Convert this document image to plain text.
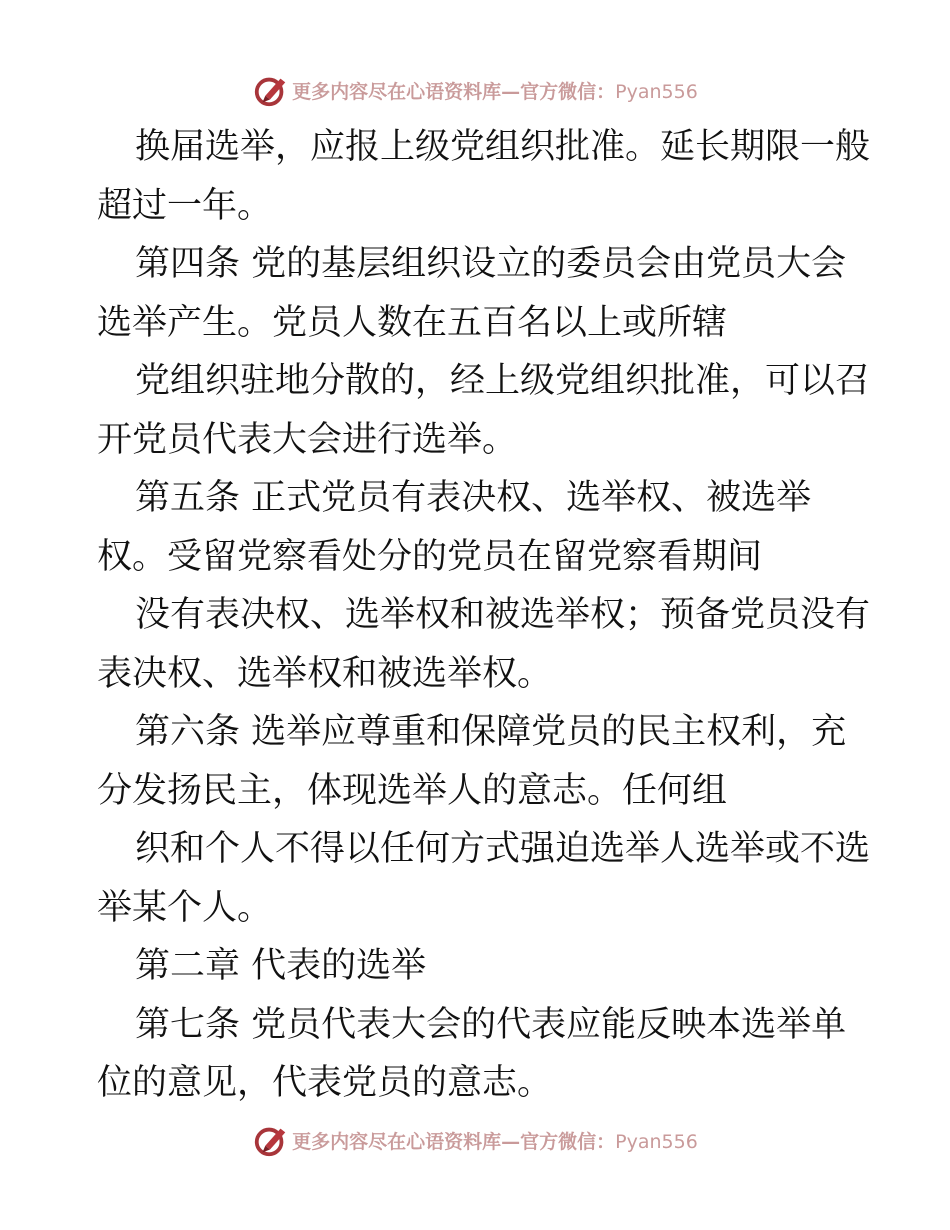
更多内容尽在心语资料库—官方微信：Pyan556
换届选举，应报上级党组织批准。延长期限一般
超过一年。
第四条 党的基层组织设立的委员会由党员大会
选举产生。党员人数在五百名以上或所辖
党组织驻地分散的，经上级党组织批准，可以召
开党员代表大会进行选举。
第五条 正式党员有表决权、选举权、被选举
权。受留党察看处分的党员在留党察看期间
没有表决权、选举权和被选举权；预备党员没有
表决权、选举权和被选举权。
第六条 选举应尊重和保障党员的民主权利，充
分发扬民主，体现选举人的意志。任何组
织和个人不得以任何方式强迫选举人选举或不选
举某个人。
第二章 代表的选举
第七条 党员代表大会的代表应能反映本选举单
位的意见，代表党员的意志。
更多内容尽在心语资料库—官方微信：Pyan556
